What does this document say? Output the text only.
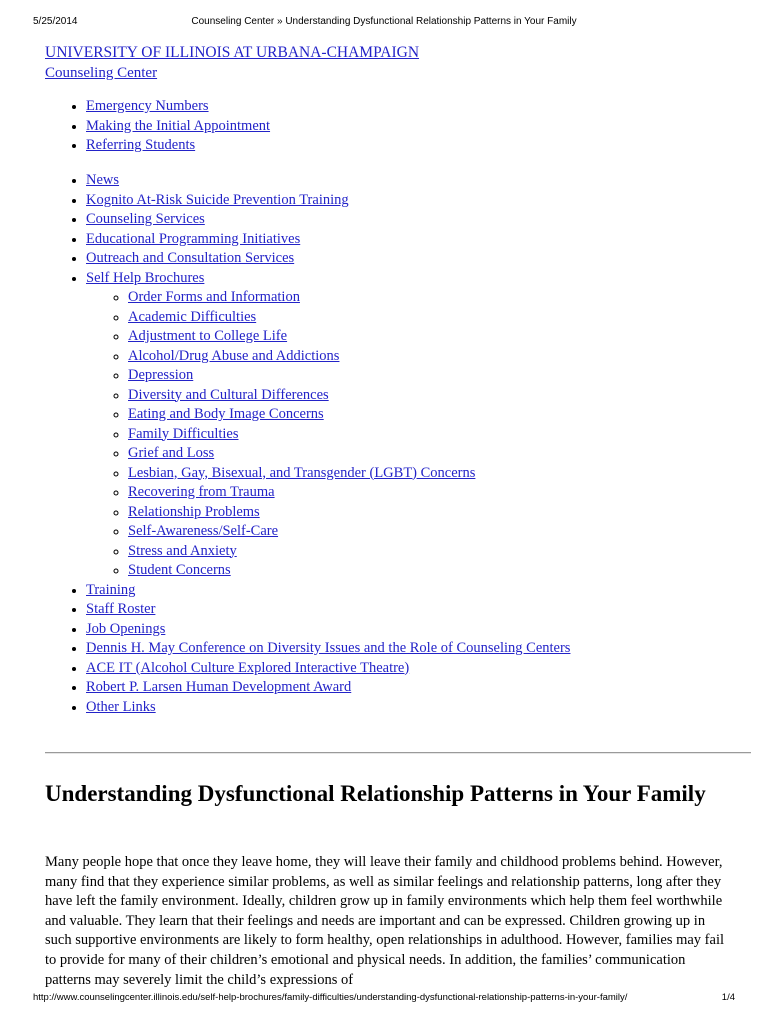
5/25/2014	Counseling Center » Understanding Dysfunctional Relationship Patterns in Your Family
UNIVERSITY OF ILLINOIS AT URBANA-CHAMPAIGN
Counseling Center
• Emergency Numbers
• Making the Initial Appointment
• Referring Students
• News
• Kognito At-Risk Suicide Prevention Training
• Counseling Services
• Educational Programming Initiatives
• Outreach and Consultation Services
• Self Help Brochures
◦ Order Forms and Information
◦ Academic Difficulties
◦ Adjustment to College Life
◦ Alcohol/Drug Abuse and Addictions
◦ Depression
◦ Diversity and Cultural Differences
◦ Eating and Body Image Concerns
◦ Family Difficulties
◦ Grief and Loss
◦ Lesbian, Gay, Bisexual, and Transgender (LGBT) Concerns
◦ Recovering from Trauma
◦ Relationship Problems
◦ Self-Awareness/Self-Care
◦ Stress and Anxiety
◦ Student Concerns
• Training
• Staff Roster
• Job Openings
• Dennis H. May Conference on Diversity Issues and the Role of Counseling Centers
• ACE IT (Alcohol Culture Explored Interactive Theatre)
• Robert P. Larsen Human Development Award
• Other Links
Understanding Dysfunctional Relationship Patterns in Your Family

Many people hope that once they leave home, they will leave their family and childhood problems behind. However, many find that they experience similar problems, as well as similar feelings and relationship patterns, long after they have left the family environment. Ideally, children grow up in family environments which help them feel worthwhile and valuable. They learn that their feelings and needs are important and can be expressed. Children growing up in such supportive environments are likely to form healthy, open relationships in adulthood. However, families may fail to provide for many of their children’s emotional and physical needs. In addition, the families’ communication patterns may severely limit the child’s expressions of

http://www.counselingcenter.illinois.edu/self-help-brochures/family-difficulties/understanding-dysfunctional-relationship-patterns-in-your-family/	1/4
